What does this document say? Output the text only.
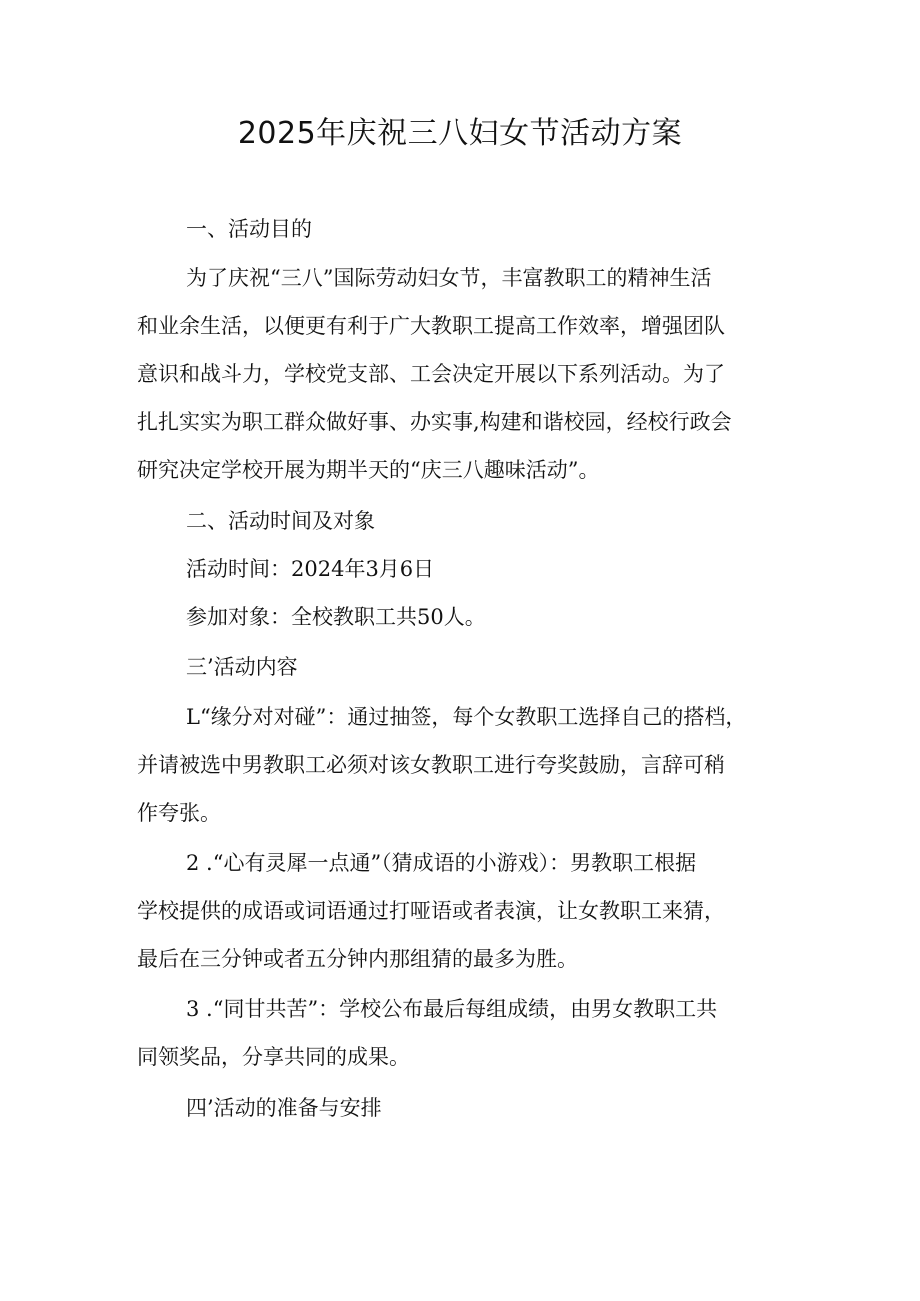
2025年庆祝三八妇女节活动方案

一、活动目的

为了庆祝“三八”国际劳动妇女节，丰富教职工的精神生活

和业余生活，以便更有利于广大教职工提高工作效率，增强团队

意识和战斗力，学校党支部、工会决定开展以下系列活动。为了

扎扎实实为职工群众做好事、办实事,构建和谐校园，经校行政会

研究决定学校开展为期半天的“庆三八趣味活动”。

二、活动时间及对象

活动时间：2024年3月6日

参加对象：全校教职工共50人。

三’活动内容

L“缘分对对碰”：通过抽签，每个女教职工选择自己的搭档，

并请被选中男教职工必须对该女教职工进行夸奖鼓励，言辞可稍

作夸张。

2 .“心有灵犀一点通”（猜成语的小游戏）：男教职工根据

学校提供的成语或词语通过打哑语或者表演，让女教职工来猜，

最后在三分钟或者五分钟内那组猜的最多为胜。

3 .“同甘共苦”：学校公布最后每组成绩，由男女教职工共

同领奖品，分享共同的成果。

四’活动的准备与安排
